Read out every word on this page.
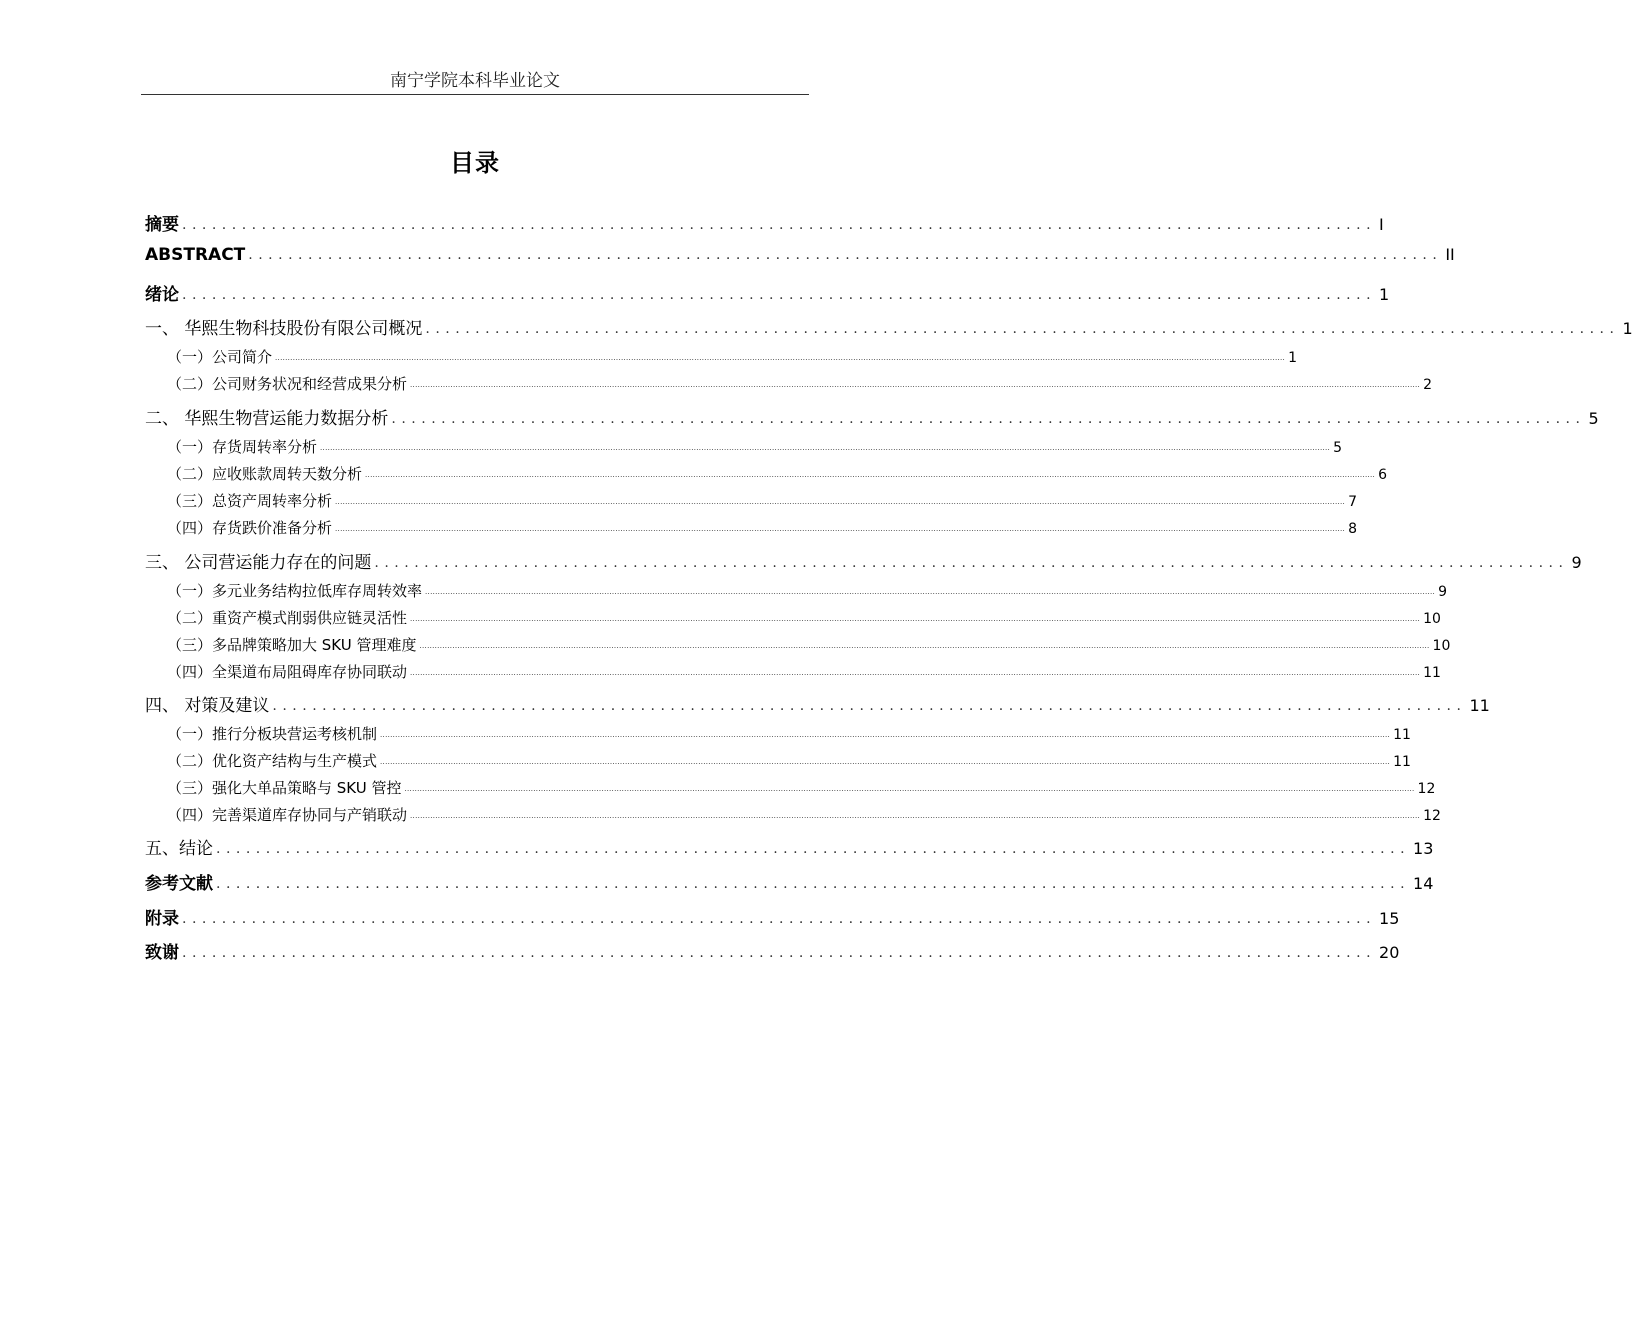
南宁学院本科毕业论文
目录
摘要 ........................................................................................................................ I
ABSTRACT ........................................................................................................................ II
绪论 ........................................................................................................................ 1
一、 华熙生物科技股份有限公司概况 ........................................................................................................................ 1
（一） 公司简介 ................................................................................................................................................................................................................................................................................................................................................................................................................ 1
（二） 公司财务状况和经营成果分析 ................................................................................................................................................................................................................................................................................................................................................................................................................ 2
二、 华熙生物营运能力数据分析 ........................................................................................................................ 5
（一） 存货周转率分析 ................................................................................................................................................................................................................................................................................................................................................................................................................ 5
（二） 应收账款周转天数分析 ................................................................................................................................................................................................................................................................................................................................................................................................................ 6
（三） 总资产周转率分析 ................................................................................................................................................................................................................................................................................................................................................................................................................ 7
（四） 存货跌价准备分析 ................................................................................................................................................................................................................................................................................................................................................................................................................ 8
三、 公司营运能力存在的问题 ........................................................................................................................ 9
（一） 多元业务结构拉低库存周转效率 ................................................................................................................................................................................................................................................................................................................................................................................................................ 9
（二） 重资产模式削弱供应链灵活性 ................................................................................................................................................................................................................................................................................................................................................................................................................ 10
（三） 多品牌策略加大 SKU 管理难度 ................................................................................................................................................................................................................................................................................................................................................................................................................ 10
（四） 全渠道布局阻碍库存协同联动 ................................................................................................................................................................................................................................................................................................................................................................................................................ 11
四、 对策及建议 ........................................................................................................................ 11
（一） 推行分板块营运考核机制 ................................................................................................................................................................................................................................................................................................................................................................................................................ 11
（二） 优化资产结构与生产模式 ................................................................................................................................................................................................................................................................................................................................................................................................................ 11
（三） 强化大单品策略与 SKU 管控 ................................................................................................................................................................................................................................................................................................................................................................................................................ 12
（四） 完善渠道库存协同与产销联动 ................................................................................................................................................................................................................................................................................................................................................................................................................ 12
五、结论 ........................................................................................................................ 13
参考文献 ........................................................................................................................ 14
附录 ........................................................................................................................ 15
致谢 ........................................................................................................................ 20
